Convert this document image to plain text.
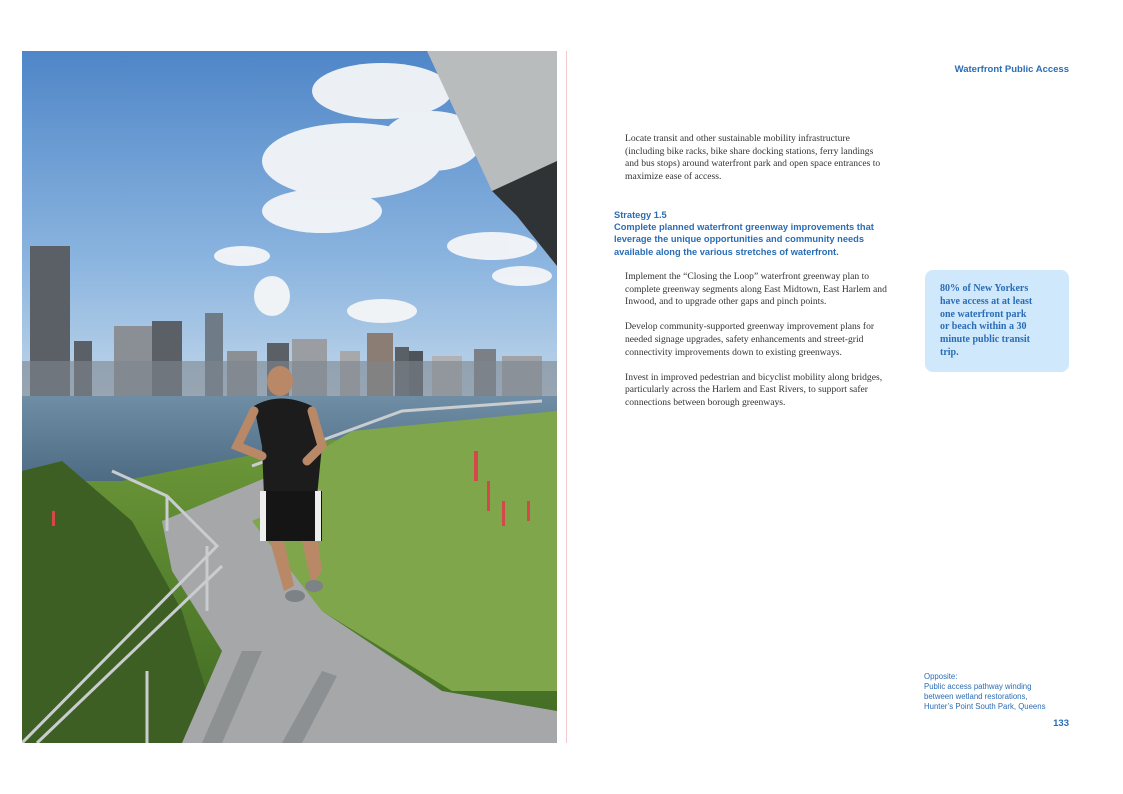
Waterfront Public Access

Locate transit and other sustainable mobility infrastructure
(including bike racks, bike share docking stations, ferry landings
and bus stops) around waterfront park and open space entrances to
maximize ease of access.

Strategy 1.5
Complete planned waterfront greenway improvements that
leverage the unique opportunities and community needs
available along the various stretches of waterfront.

Implement the “Closing the Loop” waterfront greenway plan to
complete greenway segments along East Midtown, East Harlem and
Inwood, and to upgrade other gaps and pinch points.

Develop community-supported greenway improvement plans for
needed signage upgrades, safety enhancements and street-grid
connectivity improvements down to existing greenways.

Invest in improved pedestrian and bicyclist mobility along bridges,
particularly across the Harlem and East Rivers, to support safer
connections between borough greenways.

80% of New Yorkers
have access at at least
one waterfront park
or beach within a 30
minute public transit
trip.
Opposite:
Public access pathway winding
between wetland restorations,
Hunter’s Point South Park, Queens
133
